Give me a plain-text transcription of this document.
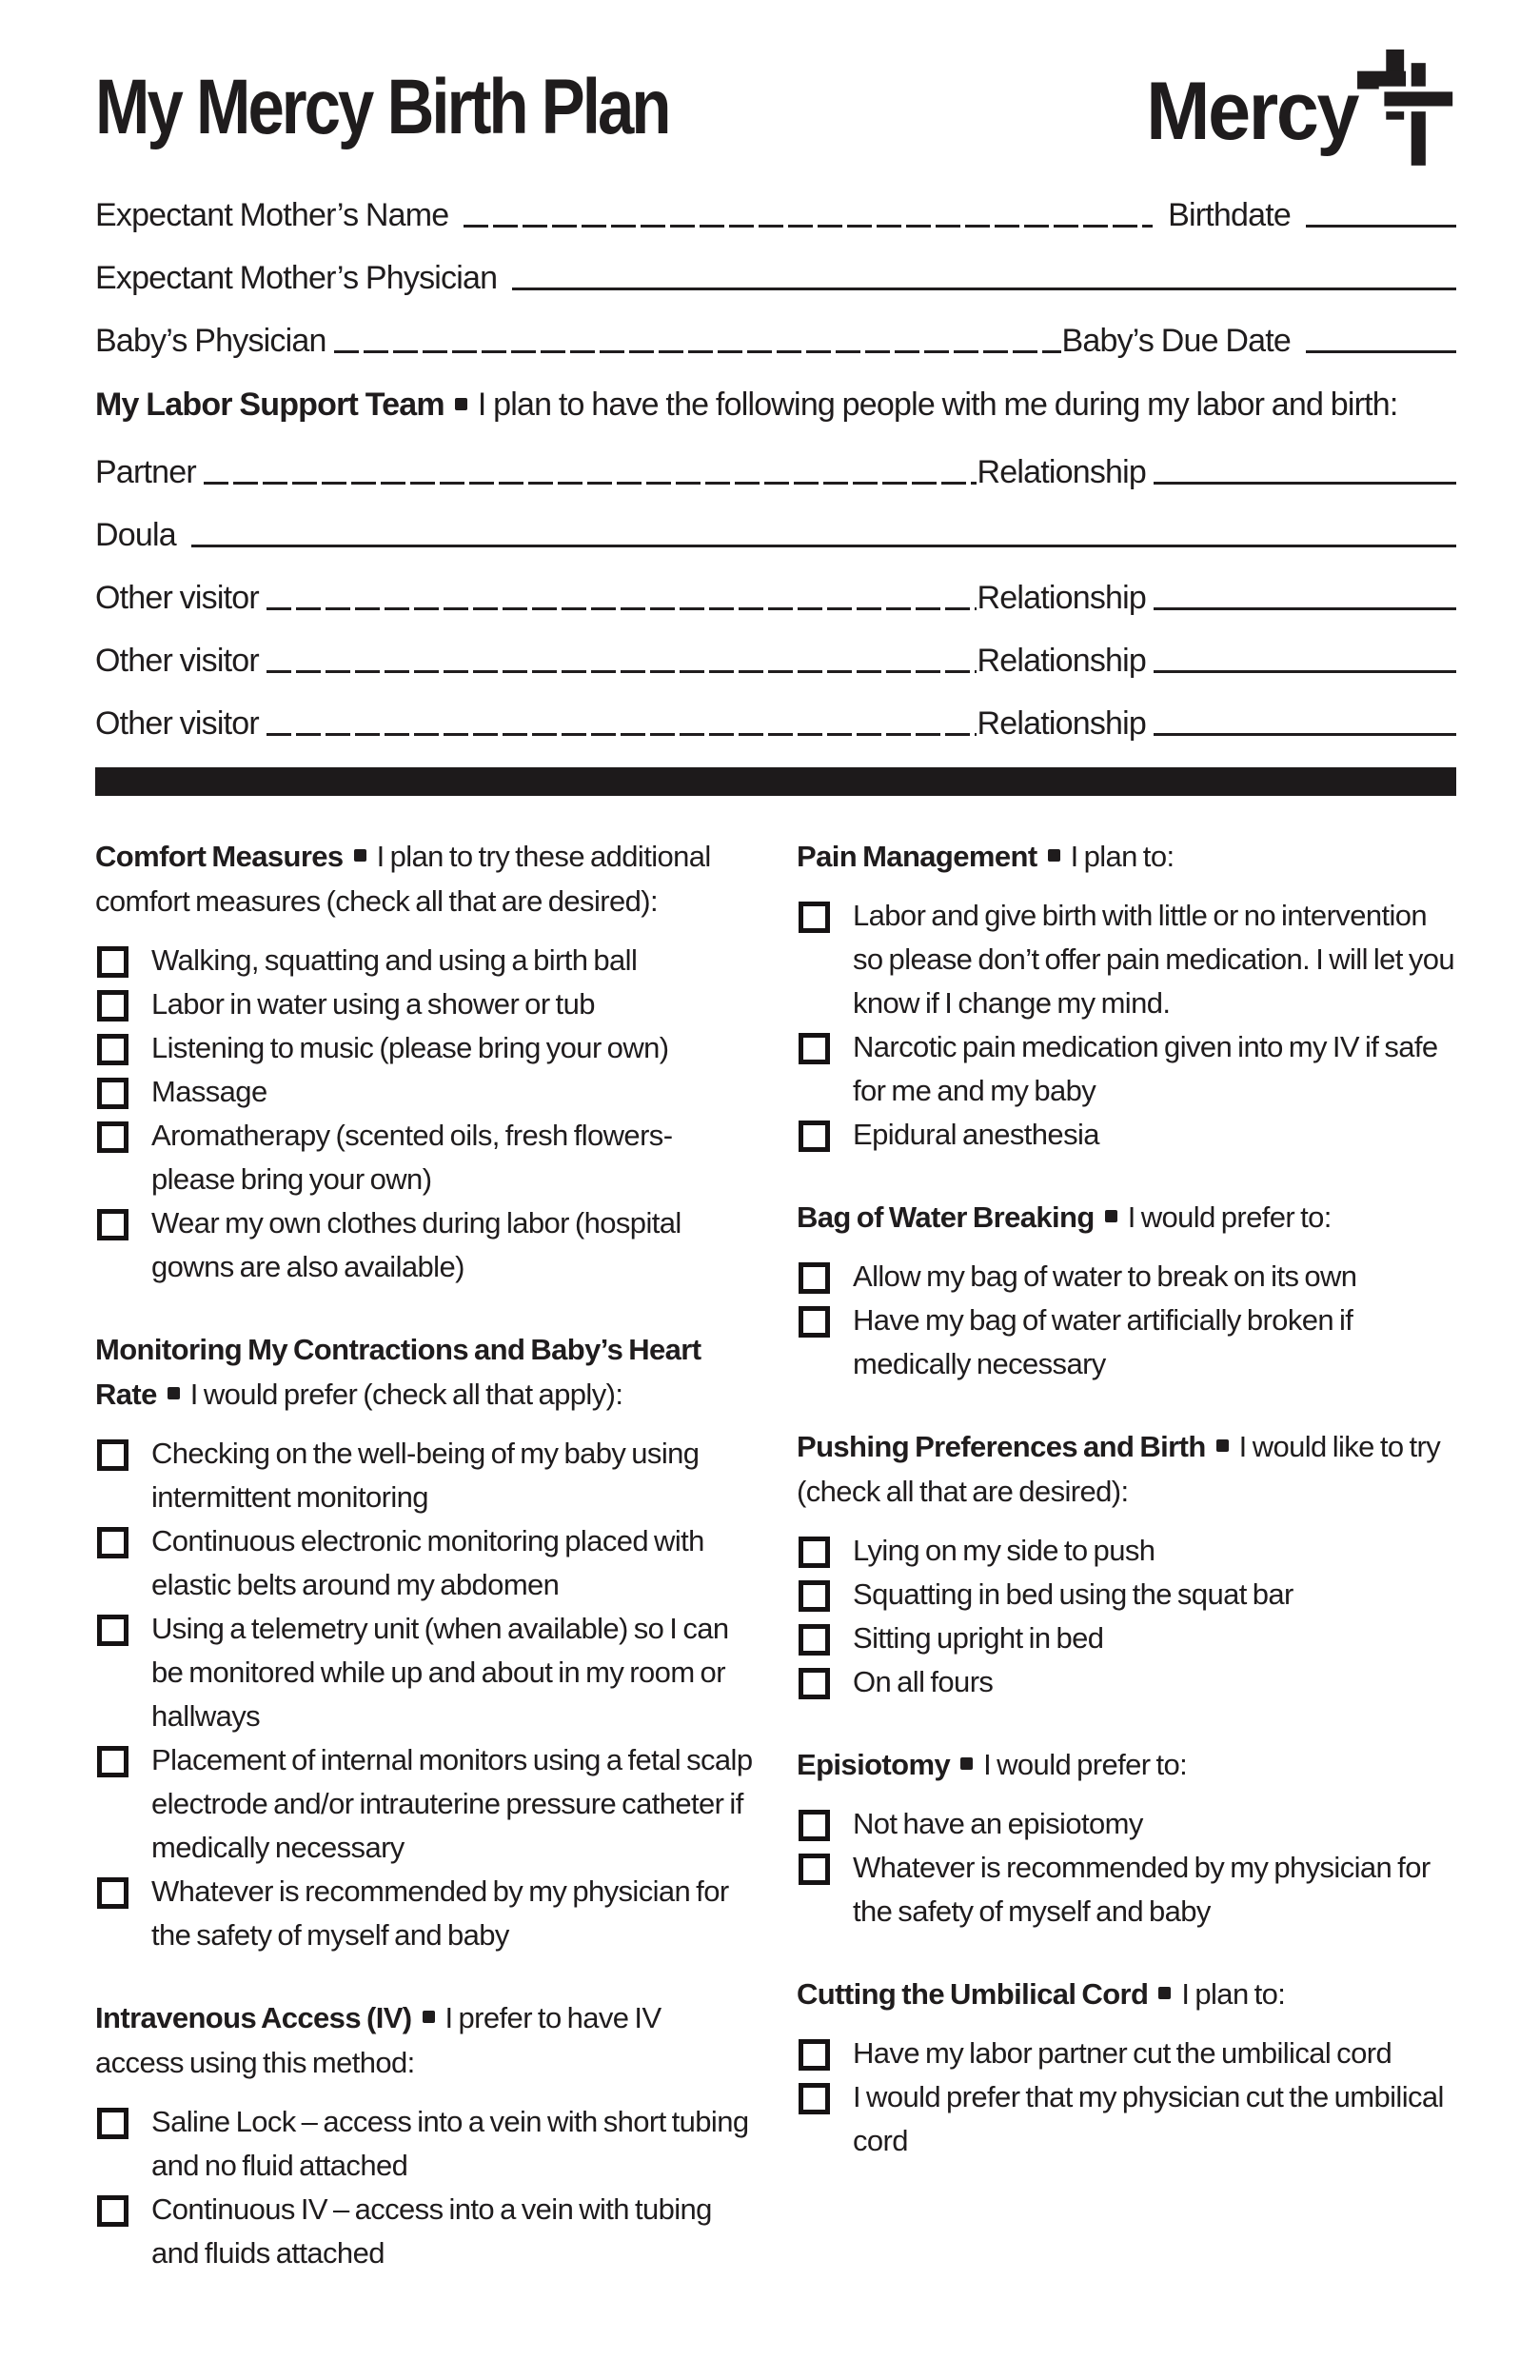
My Mercy Birth Plan	Mercy
Expectant Mother’s Name	Birthdate
Expectant Mother’s Physician
Baby’s Physician	Baby’s Due Date
My Labor Support Team I plan to have the following people with me during my labor and birth:
Partner	Relationship
Doula
Other visitor	Relationship
Other visitor	Relationship
Other visitor	Relationship
Comfort Measures I plan to try these additional comfort measures (check all that are desired):
Walking, squatting and using a birth ball
Labor in water using a shower or tub
Listening to music (please bring your own)
Massage
Aromatherapy (scented oils, fresh flowers- please bring your own)
Wear my own clothes during labor (hospital gowns are also available)
Monitoring My Contractions and Baby’s Heart Rate I would prefer (check all that apply):
Checking on the well-being of my baby using intermittent monitoring
Continuous electronic monitoring placed with elastic belts around my abdomen
Using a telemetry unit (when available) so I can be monitored while up and about in my room or hallways
Placement of internal monitors using a fetal scalp electrode and/or intrauterine pressure catheter if medically necessary
Whatever is recommended by my physician for the safety of myself and baby
Intravenous Access (IV) I prefer to have IV access using this method:
Saline Lock – access into a vein with short tubing and no fluid attached
Continuous IV – access into a vein with tubing and fluids attached
Pain Management I plan to:
Labor and give birth with little or no intervention so please don’t offer pain medication. I will let you know if I change my mind.
Narcotic pain medication given into my IV if safe for me and my baby
Epidural anesthesia
Bag of Water Breaking I would prefer to:
Allow my bag of water to break on its own
Have my bag of water artificially broken if medically necessary
Pushing Preferences and Birth I would like to try (check all that are desired):
Lying on my side to push
Squatting in bed using the squat bar
Sitting upright in bed
On all fours
Episiotomy I would prefer to:
Not have an episiotomy
Whatever is recommended by my physician for the safety of myself and baby
Cutting the Umbilical Cord I plan to:
Have my labor partner cut the umbilical cord
I would prefer that my physician cut the umbilical cord
